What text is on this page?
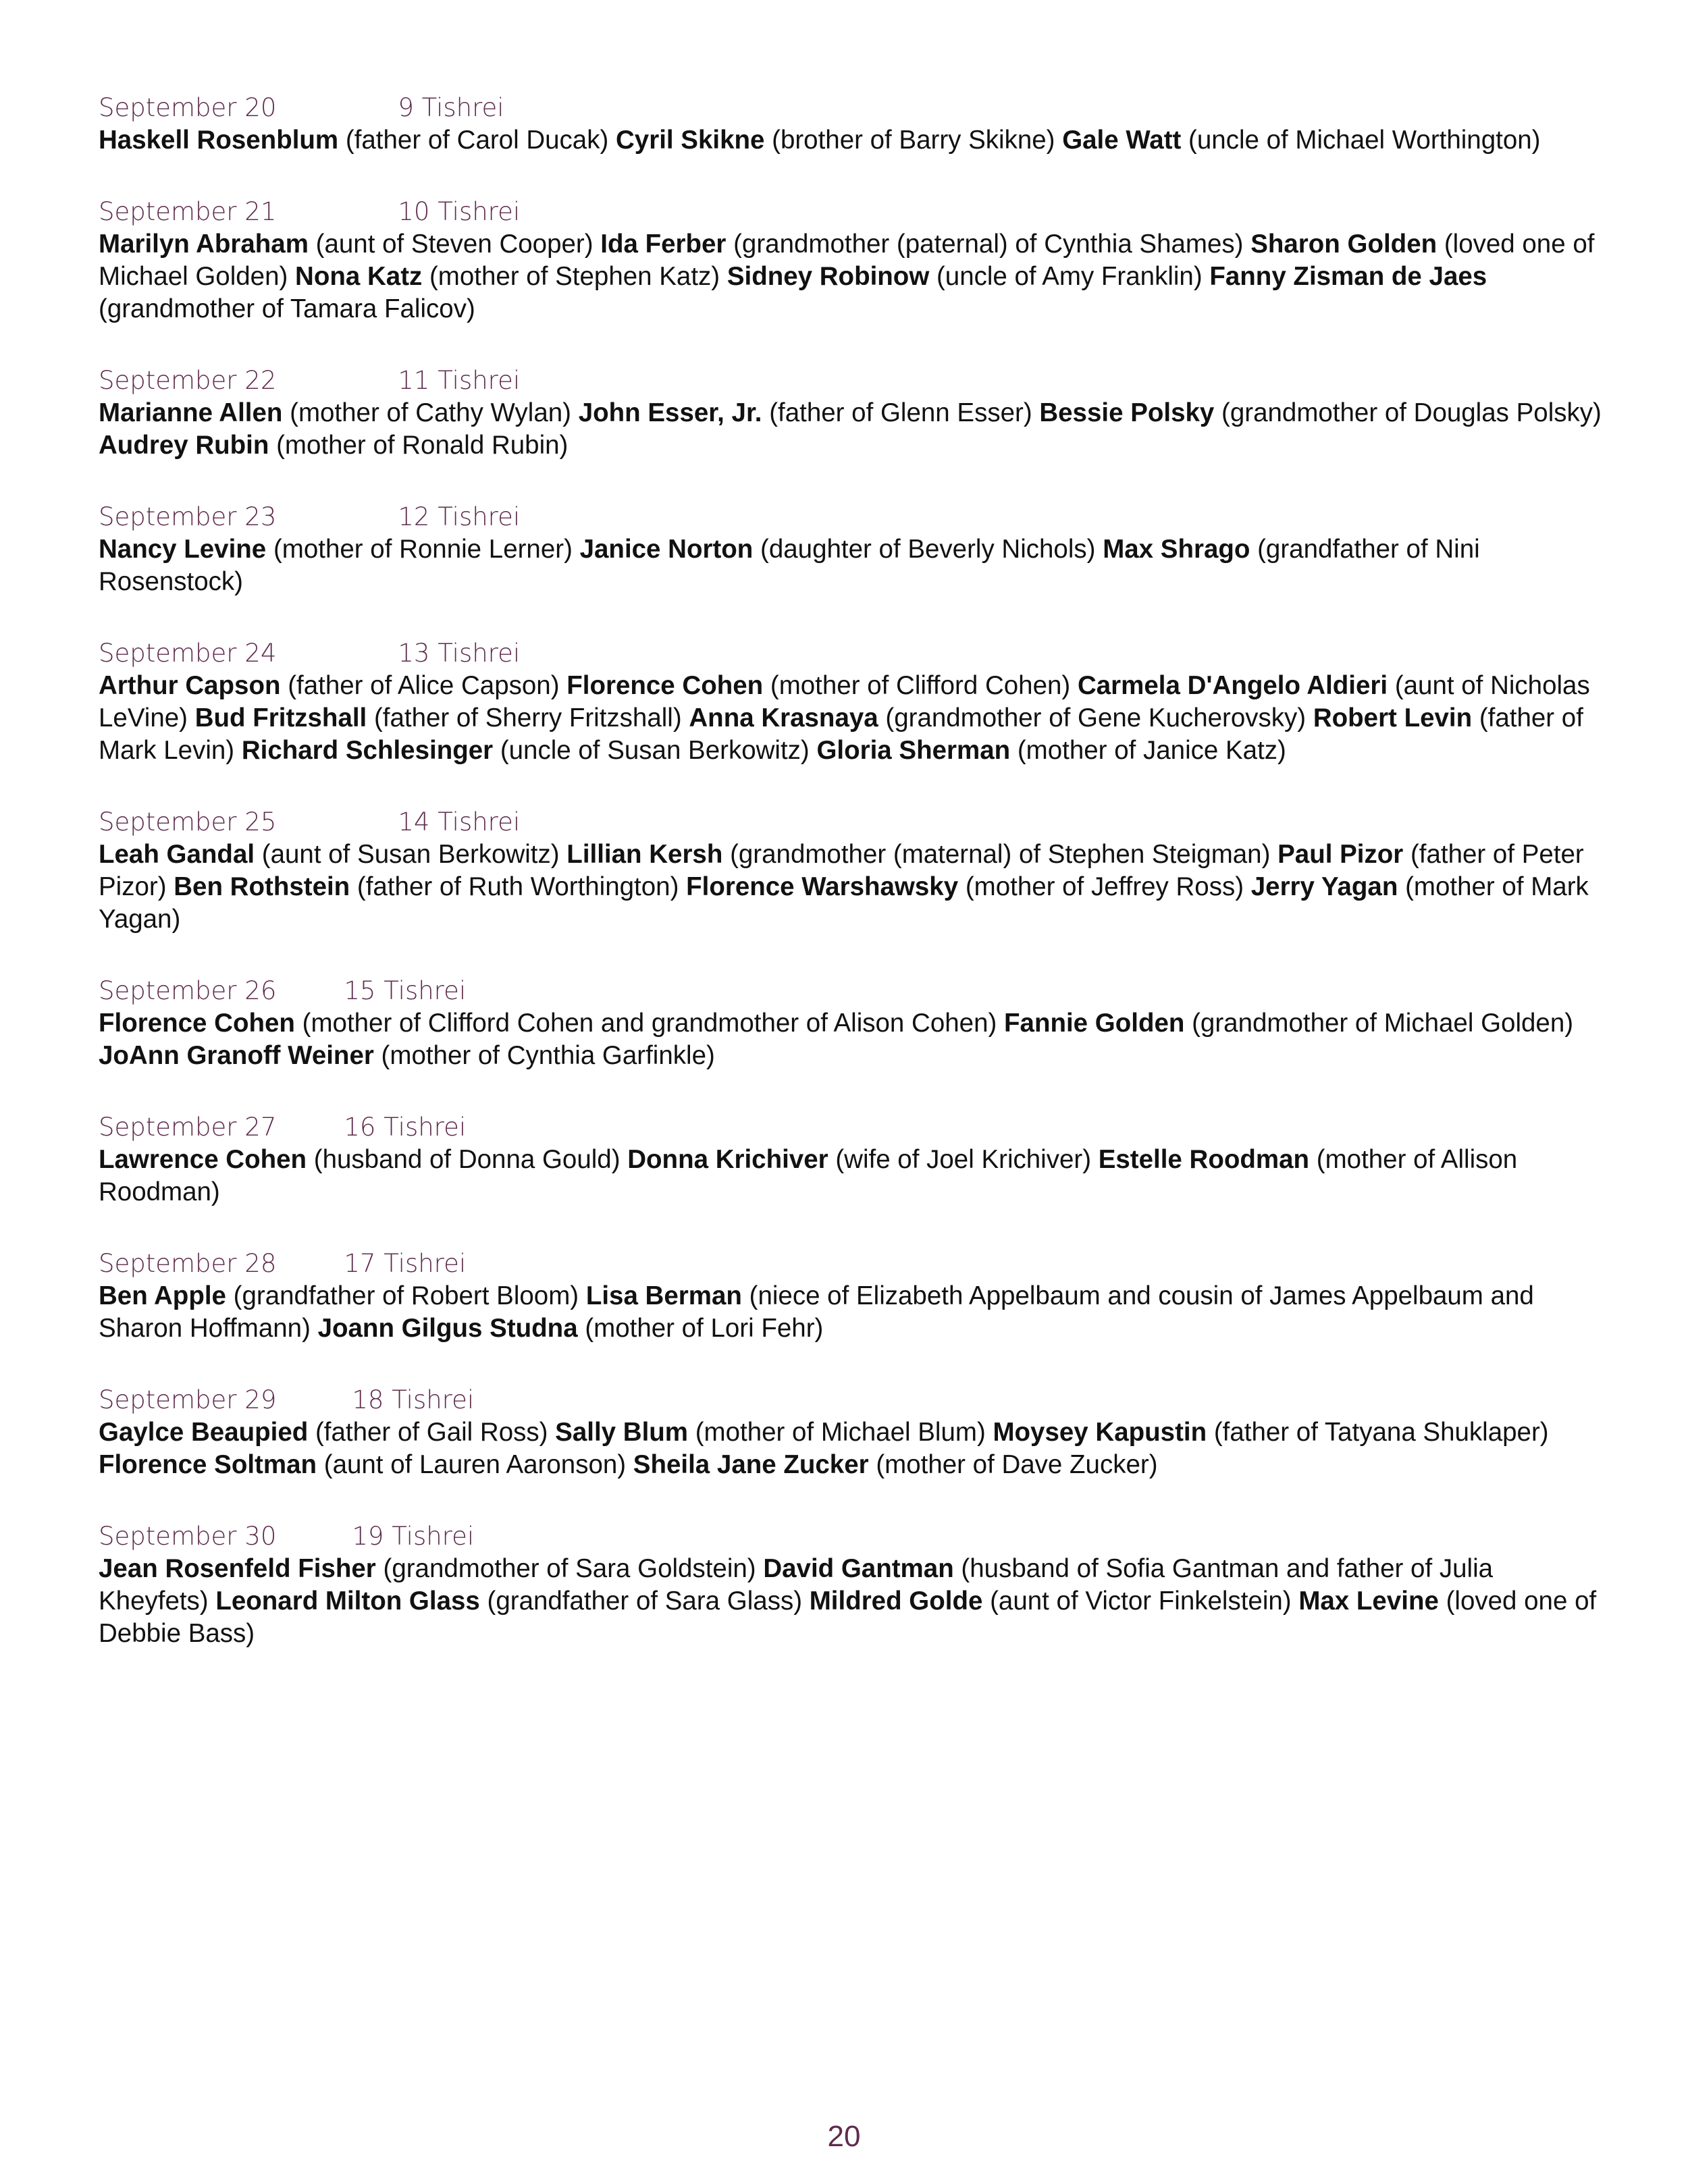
September 20	9 Tishrei
Haskell Rosenblum (father of Carol Ducak) Cyril Skikne (brother of Barry Skikne) Gale Watt (uncle of Michael Worthington)
September 21	10 Tishrei
Marilyn Abraham (aunt of Steven Cooper) Ida Ferber (grandmother (paternal) of Cynthia Shames) Sharon Golden (loved one of Michael Golden) Nona Katz (mother of Stephen Katz) Sidney Robinow (uncle of Amy Franklin) Fanny Zisman de Jaes (grandmother of Tamara Falicov)
September 22	11 Tishrei
Marianne Allen (mother of Cathy Wylan) John Esser, Jr. (father of Glenn Esser) Bessie Polsky (grandmother of Douglas Polsky) Audrey Rubin (mother of Ronald Rubin)
September 23	12 Tishrei
Nancy Levine (mother of Ronnie Lerner) Janice Norton (daughter of Beverly Nichols) Max Shrago (grandfather of Nini Rosenstock)
September 24	13 Tishrei
Arthur Capson (father of Alice Capson) Florence Cohen (mother of Clifford Cohen) Carmela D'Angelo Aldieri (aunt of Nicholas LeVine) Bud Fritzshall (father of Sherry Fritzshall) Anna Krasnaya (grandmother of Gene Kucherovsky) Robert Levin (father of Mark Levin) Richard Schlesinger (uncle of Susan Berkowitz) Gloria Sherman (mother of Janice Katz)
September 25	14 Tishrei
Leah Gandal (aunt of Susan Berkowitz) Lillian Kersh (grandmother (maternal) of Stephen Steigman) Paul Pizor (father of Peter Pizor) Ben Rothstein (father of Ruth Worthington) Florence Warshawsky (mother of Jeffrey Ross) Jerry Yagan (mother of Mark Yagan)
September 26	15 Tishrei
Florence Cohen (mother of Clifford Cohen and grandmother of Alison Cohen) Fannie Golden (grandmother of Michael Golden) JoAnn Granoff Weiner (mother of Cynthia Garfinkle)
September 27	16 Tishrei
Lawrence Cohen (husband of Donna Gould) Donna Krichiver (wife of Joel Krichiver) Estelle Roodman (mother of Allison Roodman)
September 28	17 Tishrei
Ben Apple (grandfather of Robert Bloom) Lisa Berman (niece of Elizabeth Appelbaum and cousin of James Appelbaum and Sharon Hoffmann) Joann Gilgus Studna (mother of Lori Fehr)
September 29	18 Tishrei
Gaylce Beaupied (father of Gail Ross) Sally Blum (mother of Michael Blum) Moysey Kapustin (father of Tatyana Shuklaper) Florence Soltman (aunt of Lauren Aaronson) Sheila Jane Zucker (mother of Dave Zucker)
September 30	19 Tishrei
Jean Rosenfeld Fisher (grandmother of Sara Goldstein) David Gantman (husband of Sofia Gantman and father of Julia Kheyfets) Leonard Milton Glass (grandfather of Sara Glass) Mildred Golde (aunt of Victor Finkelstein) Max Levine (loved one of Debbie Bass)
20
